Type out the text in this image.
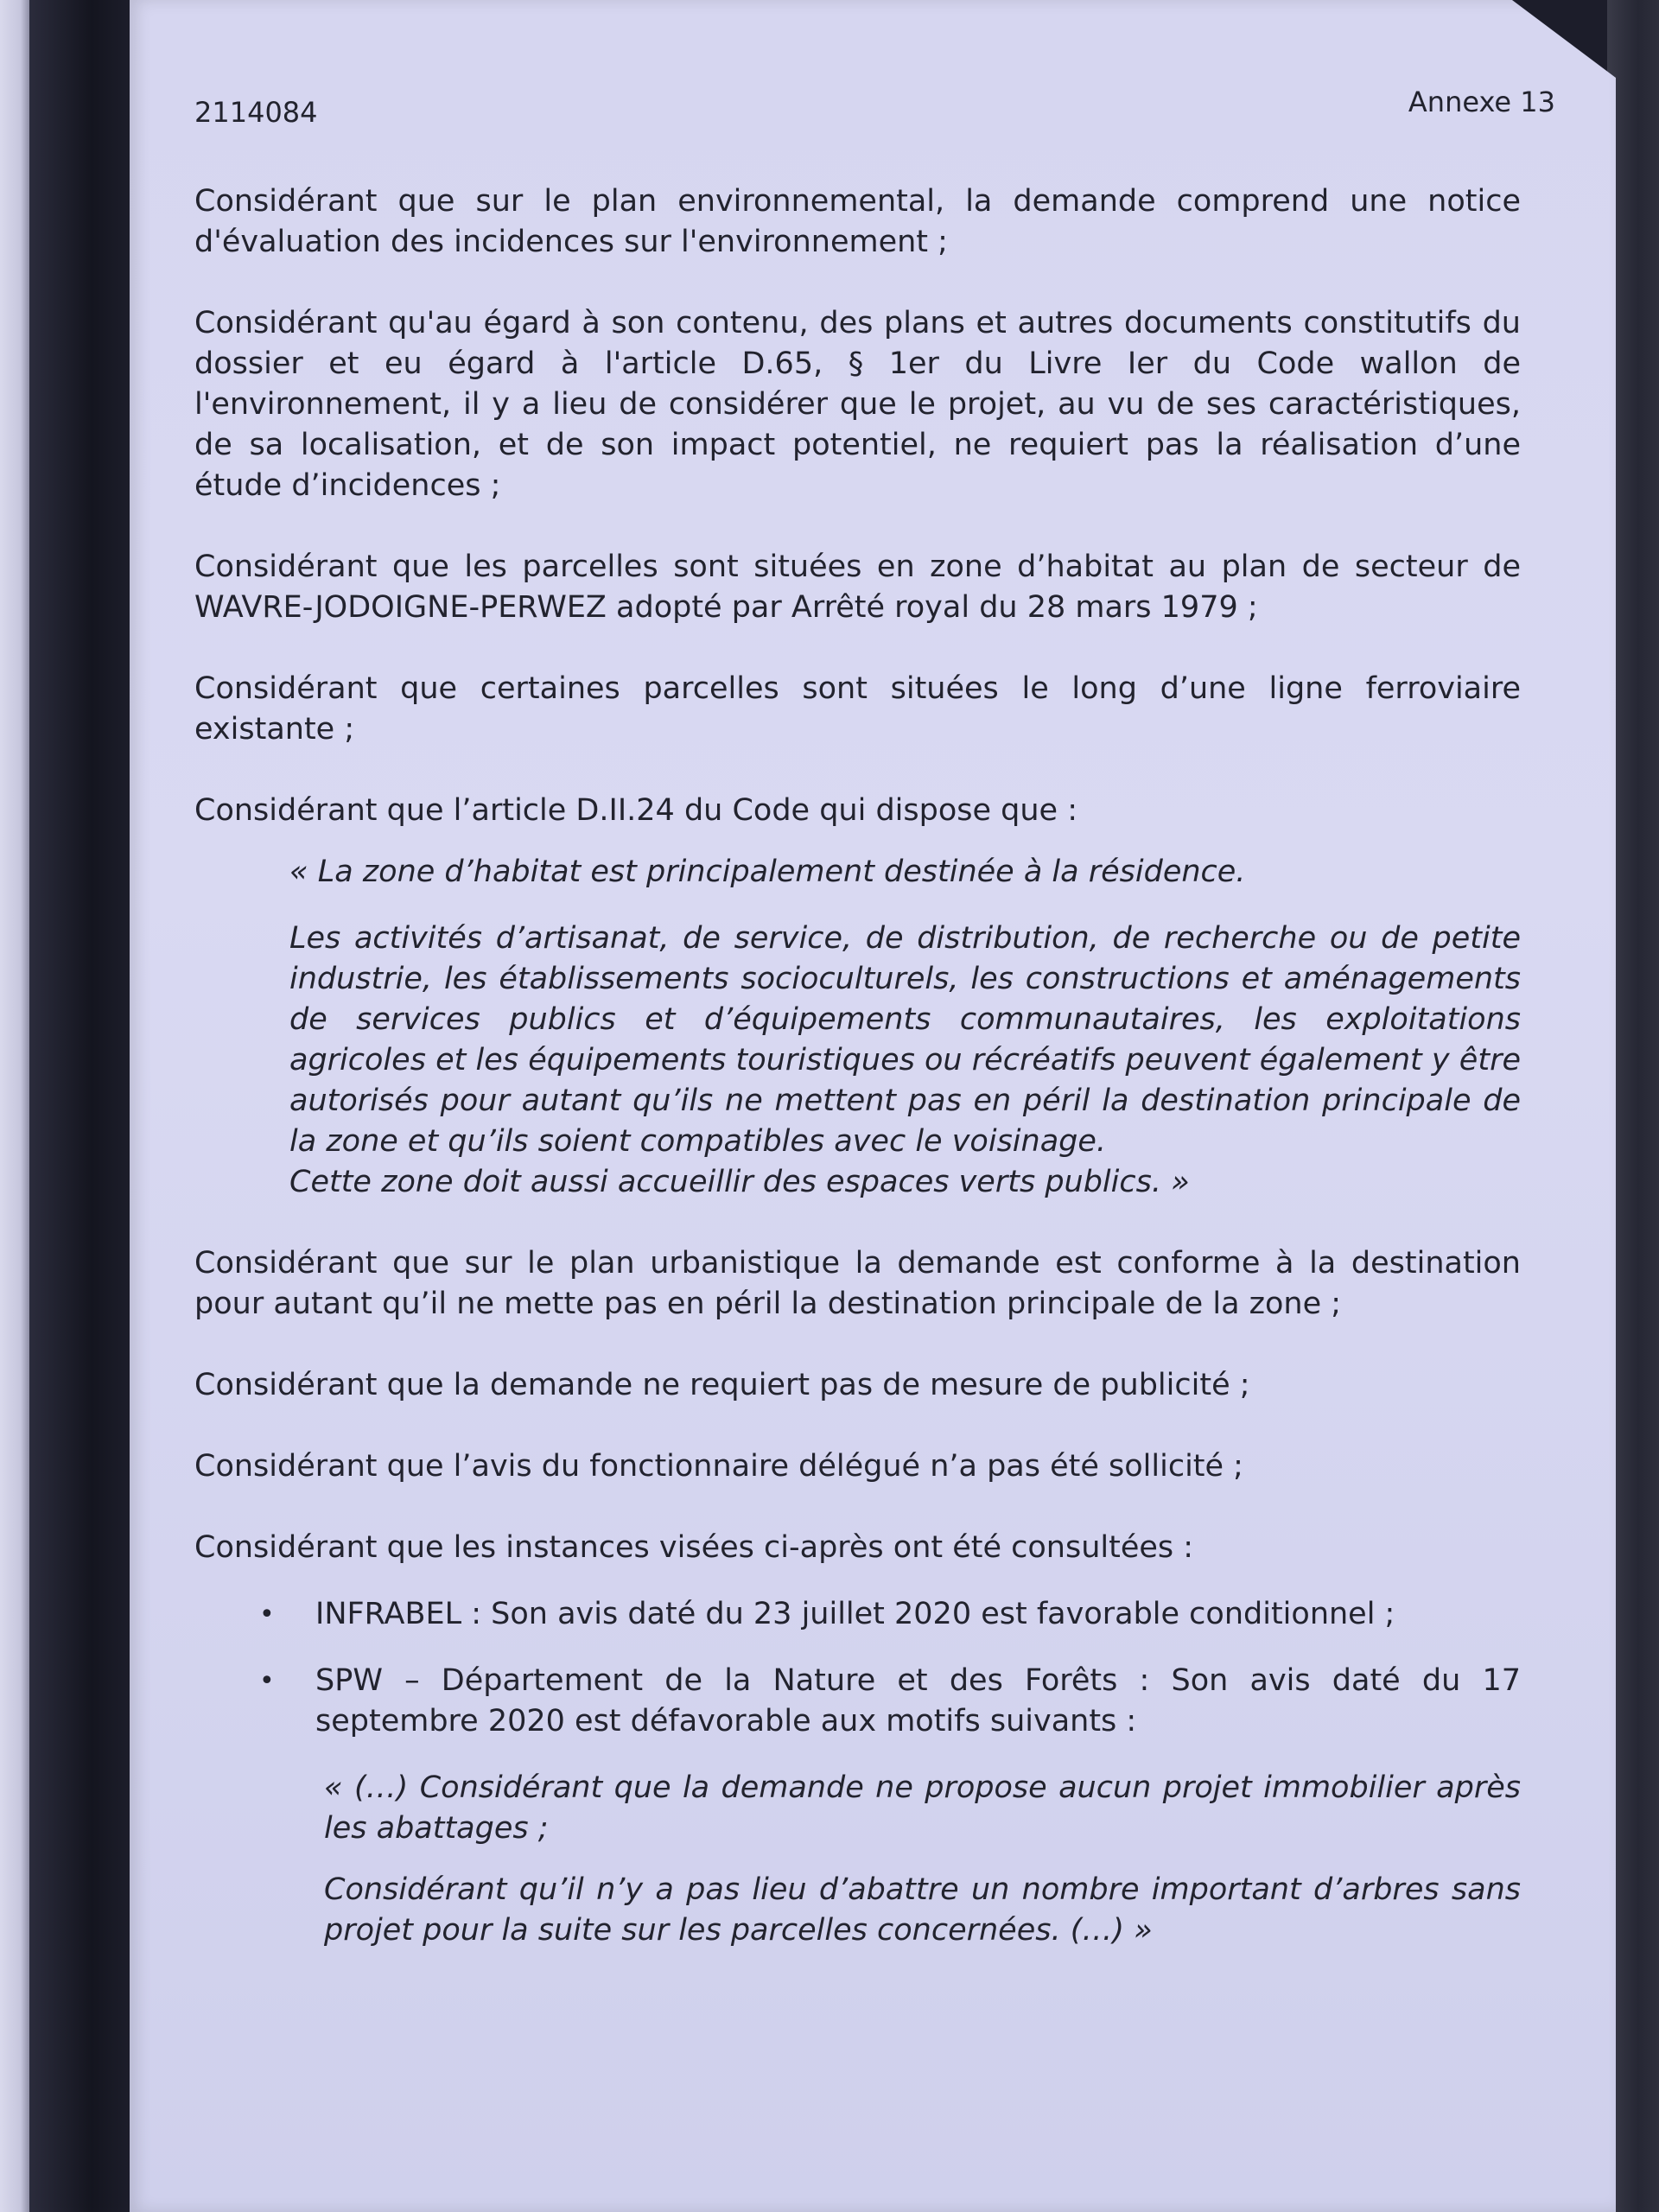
2114084	Annexe 13

Considérant que sur le plan environnemental, la demande comprend une notice d'évaluation des incidences sur l'environnement ;

Considérant qu'au égard à son contenu, des plans et autres documents constitutifs du dossier et eu égard à l'article D.65, § 1er du Livre Ier du Code wallon de l'environnement, il y a lieu de considérer que le projet, au vu de ses caractéristiques, de sa localisation, et de son impact potentiel, ne requiert pas la réalisation d’une étude d’incidences ;

Considérant que les parcelles sont situées en zone d’habitat au plan de secteur de WAVRE-JODOIGNE-PERWEZ adopté par Arrêté royal du 28 mars 1979 ;

Considérant que certaines parcelles sont situées le long d’une ligne ferroviaire existante ;

Considérant que l’article D.II.24 du Code qui dispose que :

« La zone d’habitat est principalement destinée à la résidence.

Les activités d’artisanat, de service, de distribution, de recherche ou de petite industrie, les établissements socioculturels, les constructions et aménagements de services publics et d’équipements communautaires, les exploitations agricoles et les équipements touristiques ou récréatifs peuvent également y être autorisés pour autant qu’ils ne mettent pas en péril la destination principale de la zone et qu’ils soient compatibles avec le voisinage.

Cette zone doit aussi accueillir des espaces verts publics. »

Considérant que sur le plan urbanistique la demande est conforme à la destination pour autant qu’il ne mette pas en péril la destination principale de la zone ;

Considérant que la demande ne requiert pas de mesure de publicité ;

Considérant que l’avis du fonctionnaire délégué n’a pas été sollicité ;

Considérant que les instances visées ci-après ont été consultées :

• INFRABEL : Son avis daté du 23 juillet 2020 est favorable conditionnel ;
• SPW – Département de la Nature et des Forêts : Son avis daté du 17 septembre 2020 est défavorable aux motifs suivants :

« (…) Considérant que la demande ne propose aucun projet immobilier après les abattages ;

Considérant qu’il n’y a pas lieu d’abattre un nombre important d’arbres sans projet pour la suite sur les parcelles concernées. (…) »
